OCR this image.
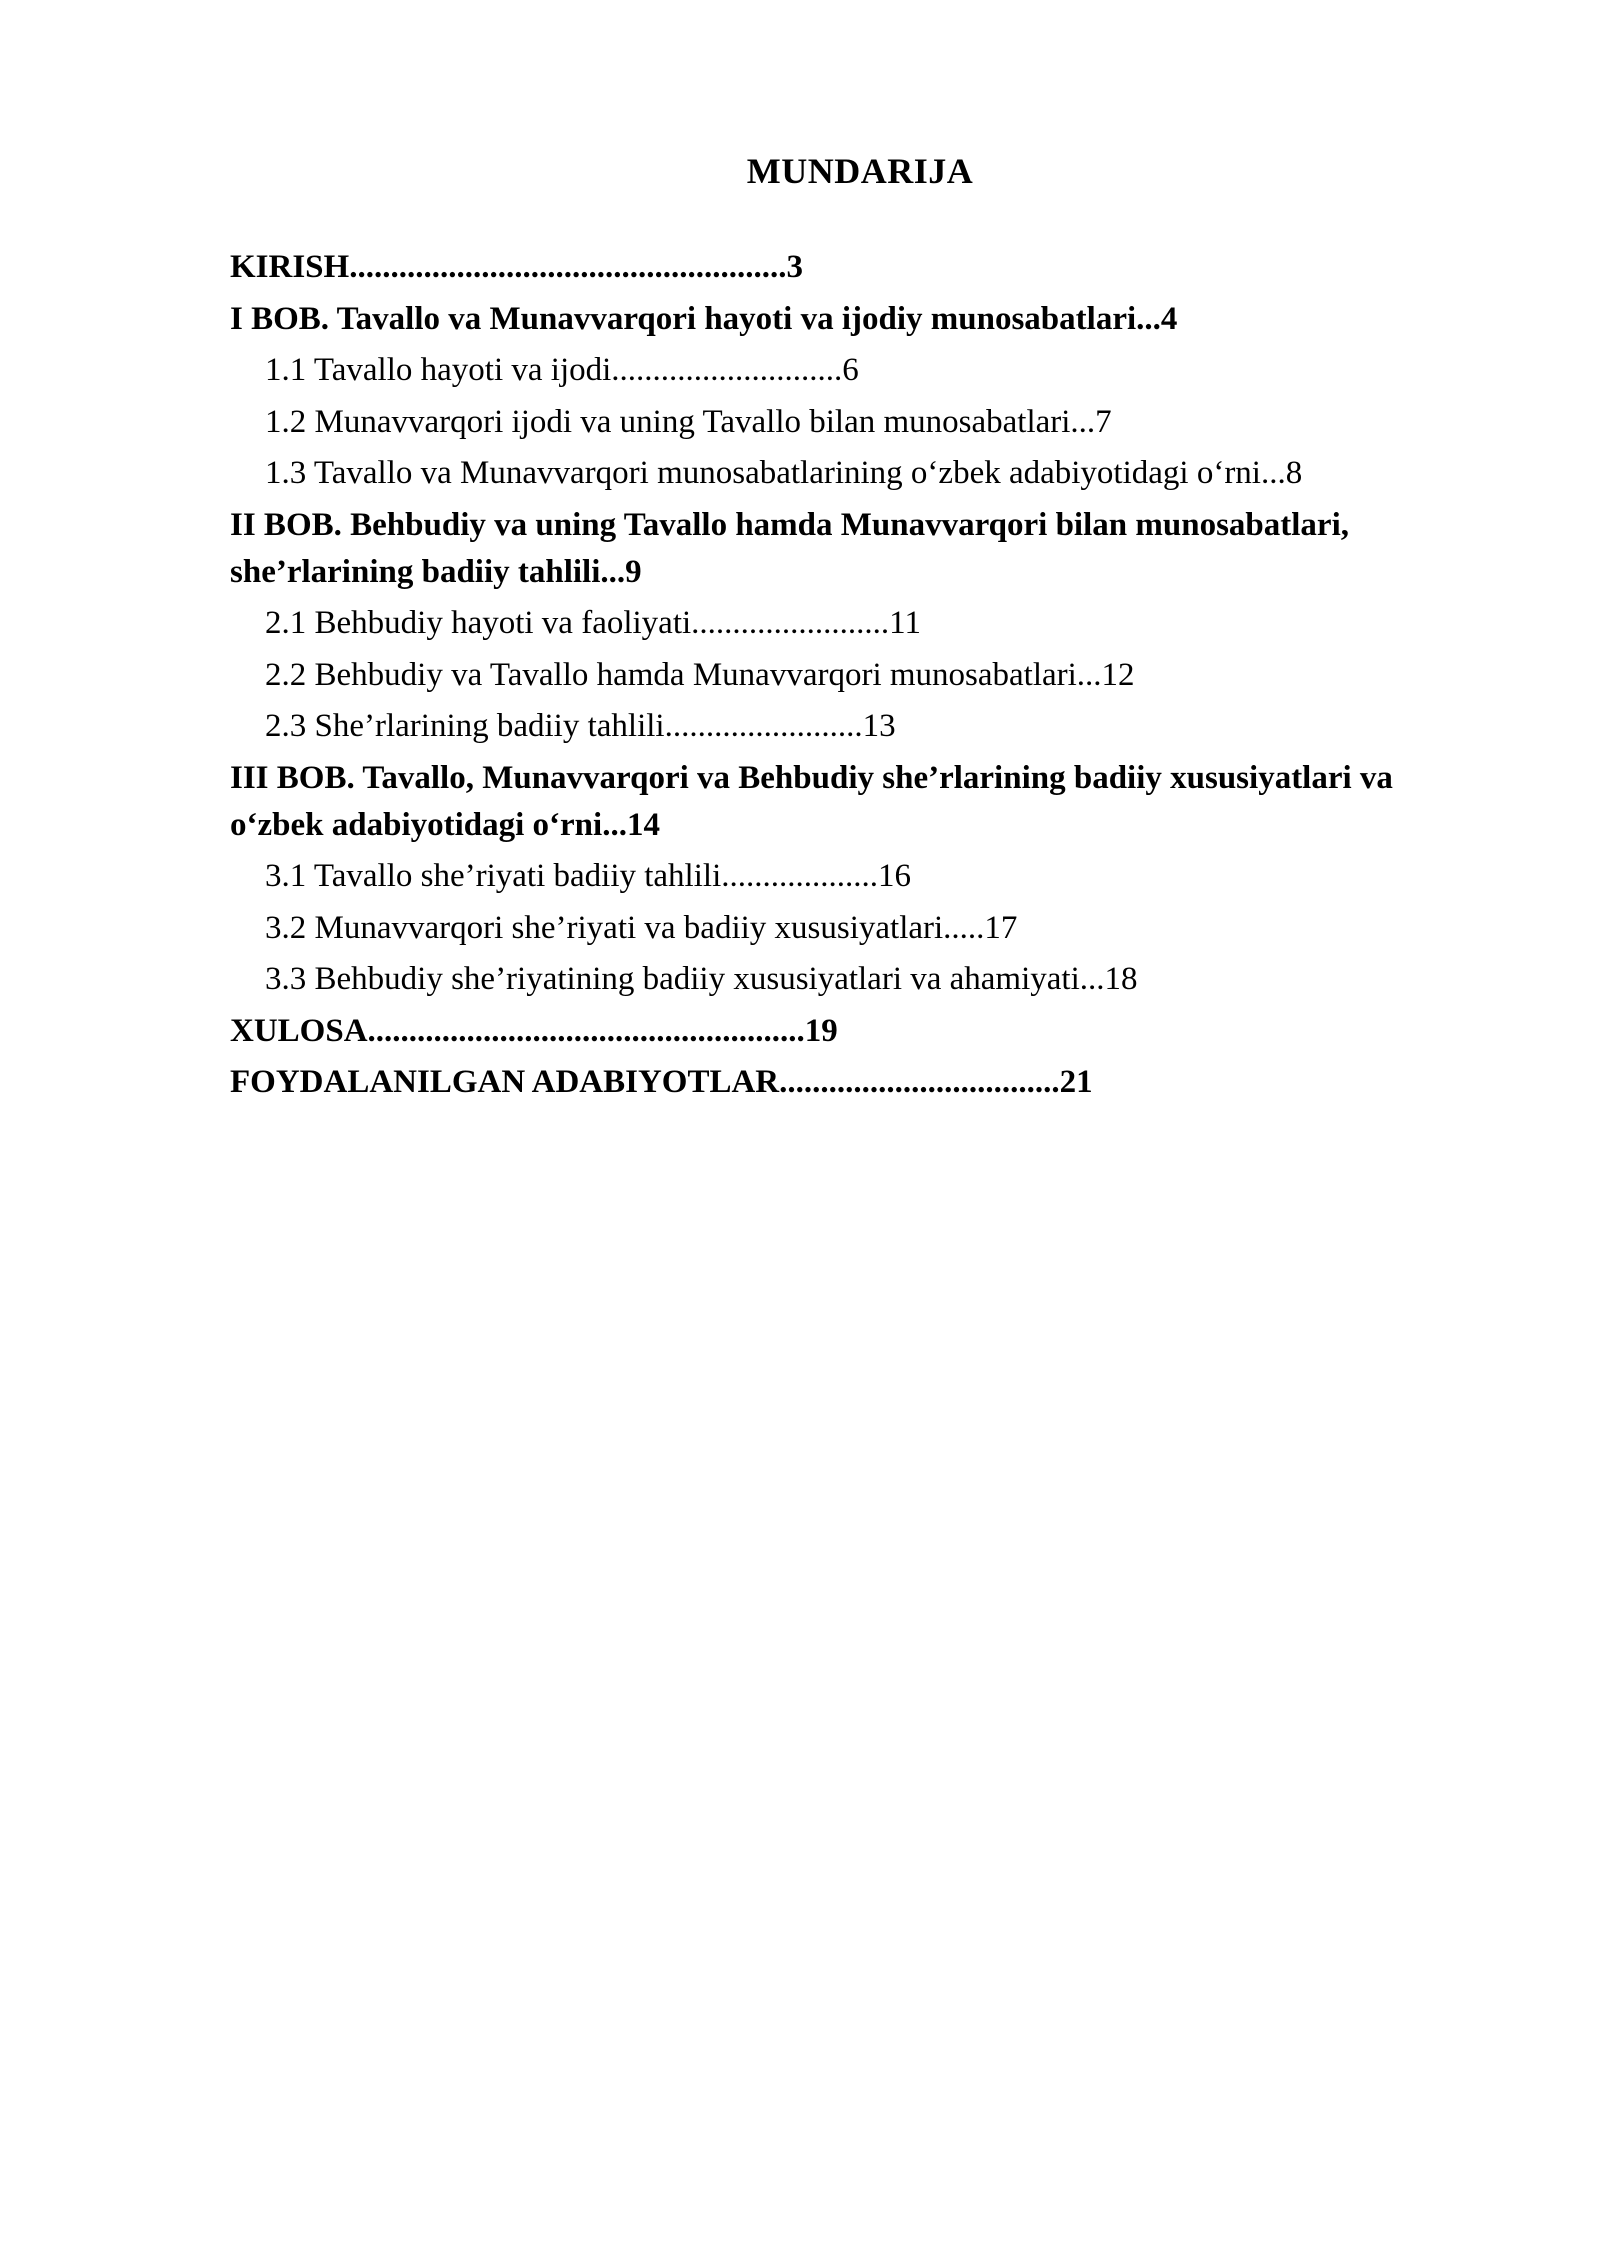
MUNDARIJA
KIRISH.....................................................3
I BOB. Tavallo va Munavvarqori hayoti va ijodiy munosabatlari...4
1.1 Tavallo hayoti va ijodi............................6
1.2 Munavvarqori ijodi va uning Tavallo bilan munosabatlari...7
1.3 Tavallo va Munavvarqori munosabatlarining o‘zbek adabiyotidagi o‘rni...8
II BOB. Behbudiy va uning Tavallo hamda Munavvarqori bilan munosabatlari, she’rlarining badiiy tahlili...9
2.1 Behbudiy hayoti va faoliyati........................11
2.2 Behbudiy va Tavallo hamda Munavvarqori munosabatlari...12
2.3 She’rlarining badiiy tahlili........................13
III BOB. Tavallo, Munavvarqori va Behbudiy she’rlarining badiiy xususiyatlari va o‘zbek adabiyotidagi o‘rni...14
3.1 Tavallo she’riyati badiiy tahlili...................16
3.2 Munavvarqori she’riyati va badiiy xususiyatlari.....17
3.3 Behbudiy she’riyatining badiiy xususiyatlari va ahamiyati...18
XULOSA.....................................................19
FOYDALANILGAN ADABIYOTLAR..................................21
